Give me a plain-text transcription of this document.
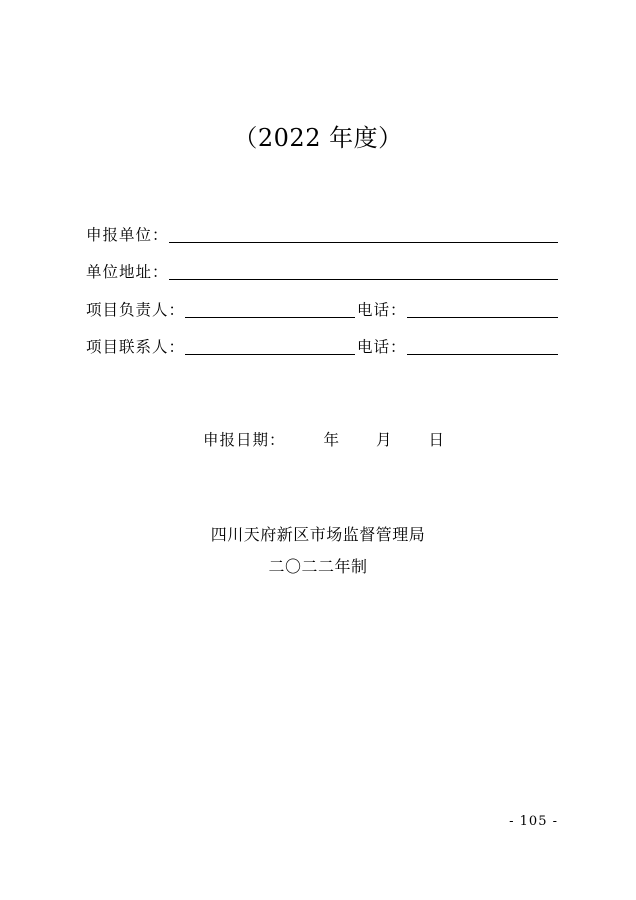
（2022 年度）
申报单位：
单位地址：
项目负责人：	电话：
项目联系人：	电话：
申报日期： 年 月 日
四川天府新区市场监督管理局
二〇二二年制
- 105 -
